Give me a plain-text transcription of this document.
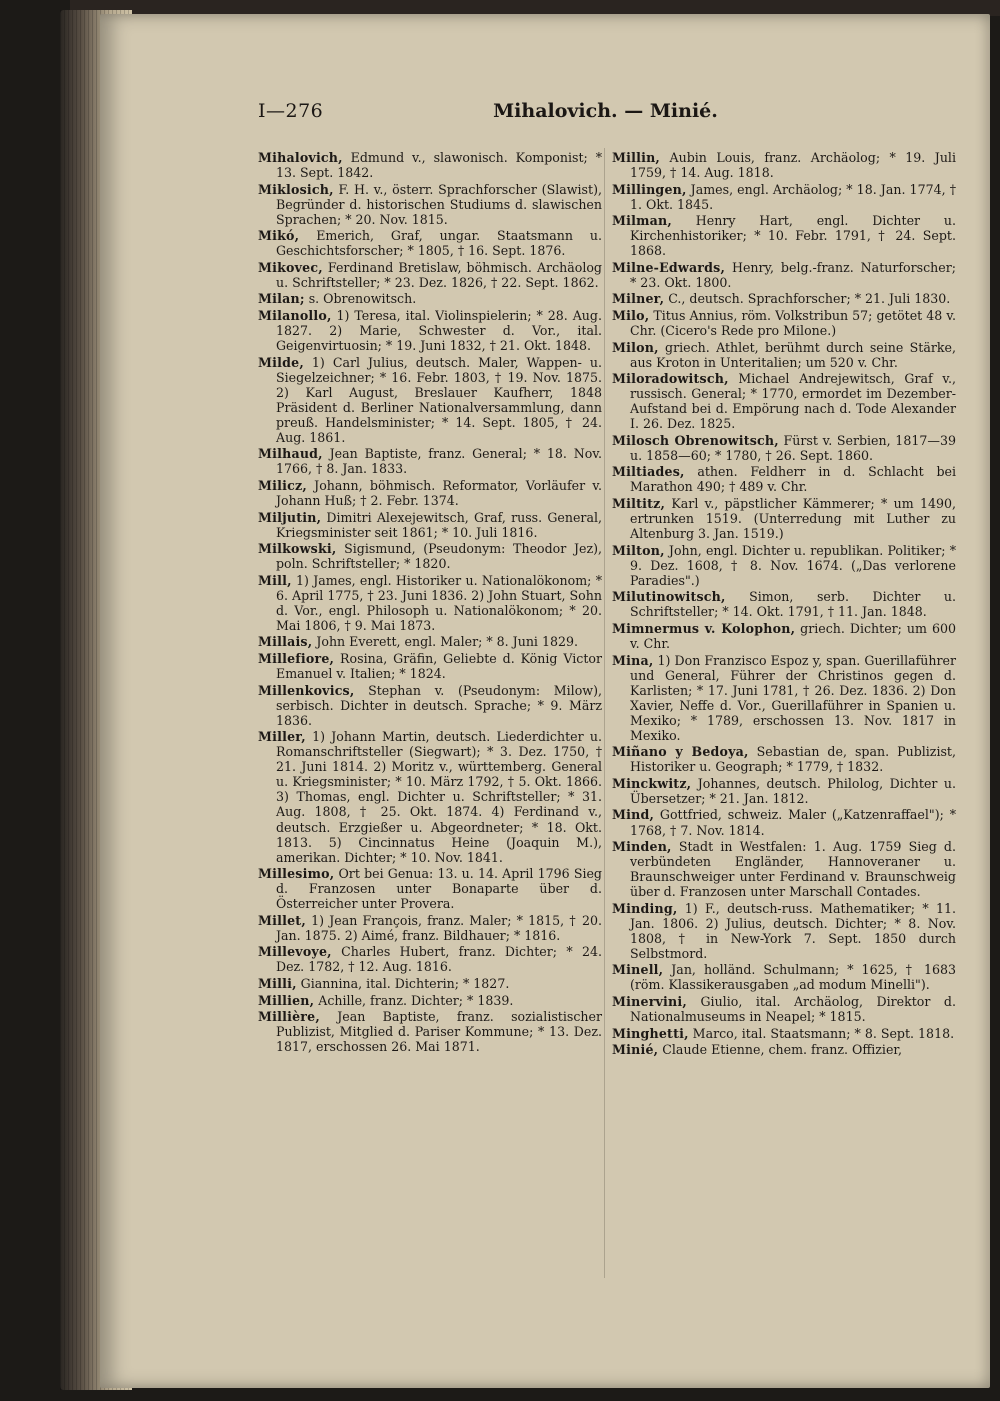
I—276	Mihalovich. — Minié.
Mihalovich, Edmund v., slawonisch. Komponist; * 13. Sept. 1842.
Miklosich, F. H. v., österr. Sprachforscher (Slawist), Begründer d. historischen Studiums d. slawischen Sprachen; * 20. Nov. 1815.
Mikó, Emerich, Graf, ungar. Staatsmann u. Geschichtsforscher; * 1805, † 16. Sept. 1876.
Mikovec, Ferdinand Bretislaw, böhmisch. Archäolog u. Schriftsteller; * 23. Dez. 1826, † 22. Sept. 1862.
Milan; s. Obrenowitsch.
Milanollo, 1) Teresa, ital. Violinspielerin; * 28. Aug. 1827. 2) Marie, Schwester d. Vor., ital. Geigenvirtuosin; * 19. Juni 1832, † 21. Okt. 1848.
Milde, 1) Carl Julius, deutsch. Maler, Wappen- u. Siegelzeichner; * 16. Febr. 1803, † 19. Nov. 1875. 2) Karl August, Breslauer Kaufherr, 1848 Präsident d. Berliner Nationalversammlung, dann preuß. Handelsminister; * 14. Sept. 1805, † 24. Aug. 1861.
Milhaud, Jean Baptiste, franz. General; * 18. Nov. 1766, † 8. Jan. 1833.
Milicz, Johann, böhmisch. Reformator, Vorläufer v. Johann Huß; † 2. Febr. 1374.
Miljutin, Dimitri Alexejewitsch, Graf, russ. General, Kriegsminister seit 1861; * 10. Juli 1816.
Milkowski, Sigismund, (Pseudonym: Theodor Jez), poln. Schriftsteller; * 1820.
Mill, 1) James, engl. Historiker u. Nationalökonom; * 6. April 1775, † 23. Juni 1836. 2) John Stuart, Sohn d. Vor., engl. Philosoph u. Nationalökonom; * 20. Mai 1806, † 9. Mai 1873.
Millais, John Everett, engl. Maler; * 8. Juni 1829.
Millefiore, Rosina, Gräfin, Geliebte d. König Victor Emanuel v. Italien; * 1824.
Millenkovics, Stephan v. (Pseudonym: Milow), serbisch. Dichter in deutsch. Sprache; * 9. März 1836.
Miller, 1) Johann Martin, deutsch. Liederdichter u. Romanschriftsteller (Siegwart); * 3. Dez. 1750, † 21. Juni 1814. 2) Moritz v., württemberg. General u. Kriegsminister; * 10. März 1792, † 5. Okt. 1866. 3) Thomas, engl. Dichter u. Schriftsteller; * 31. Aug. 1808, † 25. Okt. 1874. 4) Ferdinand v., deutsch. Erzgießer u. Abgeordneter; * 18. Okt. 1813. 5) Cincinnatus Heine (Joaquin M.), amerikan. Dichter; * 10. Nov. 1841.
Millesimo, Ort bei Genua: 13. u. 14. April 1796 Sieg d. Franzosen unter Bonaparte über d. Österreicher unter Provera.
Millet, 1) Jean François, franz. Maler; * 1815, † 20. Jan. 1875. 2) Aimé, franz. Bildhauer; * 1816.
Millevoye, Charles Hubert, franz. Dichter; * 24. Dez. 1782, † 12. Aug. 1816.
Milli, Giannina, ital. Dichterin; * 1827.
Millien, Achille, franz. Dichter; * 1839.
Millière, Jean Baptiste, franz. sozialistischer Publizist, Mitglied d. Pariser Kommune; * 13. Dez. 1817, erschossen 26. Mai 1871.
Millin, Aubin Louis, franz. Archäolog; * 19. Juli 1759, † 14. Aug. 1818.
Millingen, James, engl. Archäolog; * 18. Jan. 1774, † 1. Okt. 1845.
Milman, Henry Hart, engl. Dichter u. Kirchenhistoriker; * 10. Febr. 1791, † 24. Sept. 1868.
Milne-Edwards, Henry, belg.-franz. Naturforscher; * 23. Okt. 1800.
Milner, C., deutsch. Sprachforscher; * 21. Juli 1830.
Milo, Titus Annius, röm. Volkstribun 57; getötet 48 v. Chr. (Cicero's Rede pro Milone.)
Milon, griech. Athlet, berühmt durch seine Stärke, aus Kroton in Unteritalien; um 520 v. Chr.
Miloradowitsch, Michael Andrejewitsch, Graf v., russisch. General; * 1770, ermordet im Dezember-Aufstand bei d. Empörung nach d. Tode Alexander I. 26. Dez. 1825.
Milosch Obrenowitsch, Fürst v. Serbien, 1817—39 u. 1858—60; * 1780, † 26. Sept. 1860.
Miltiades, athen. Feldherr in d. Schlacht bei Marathon 490; † 489 v. Chr.
Miltitz, Karl v., päpstlicher Kämmerer; * um 1490, ertrunken 1519. (Unterredung mit Luther zu Altenburg 3. Jan. 1519.)
Milton, John, engl. Dichter u. republikan. Politiker; * 9. Dez. 1608, † 8. Nov. 1674. („Das verlorene Paradies".)
Milutinowitsch, Simon, serb. Dichter u. Schriftsteller; * 14. Okt. 1791, † 11. Jan. 1848.
Mimnermus v. Kolophon, griech. Dichter; um 600 v. Chr.
Mina, 1) Don Franzisco Espoz y, span. Guerillaführer und General, Führer der Christinos gegen d. Karlisten; * 17. Juni 1781, † 26. Dez. 1836. 2) Don Xavier, Neffe d. Vor., Guerillaführer in Spanien u. Mexiko; * 1789, erschossen 13. Nov. 1817 in Mexiko.
Miñano y Bedoya, Sebastian de, span. Publizist, Historiker u. Geograph; * 1779, † 1832.
Minckwitz, Johannes, deutsch. Philolog, Dichter u. Übersetzer; * 21. Jan. 1812.
Mind, Gottfried, schweiz. Maler („Katzenraffael"); * 1768, † 7. Nov. 1814.
Minden, Stadt in Westfalen: 1. Aug. 1759 Sieg d. verbündeten Engländer, Hannoveraner u. Braunschweiger unter Ferdinand v. Braunschweig über d. Franzosen unter Marschall Contades.
Minding, 1) F., deutsch-russ. Mathematiker; * 11. Jan. 1806. 2) Julius, deutsch. Dichter; * 8. Nov. 1808, † in New-York 7. Sept. 1850 durch Selbstmord.
Minell, Jan, holländ. Schulmann; * 1625, † 1683 (röm. Klassikerausgaben „ad modum Minelli").
Minervini, Giulio, ital. Archäolog, Direktor d. Nationalmuseums in Neapel; * 1815.
Minghetti, Marco, ital. Staatsmann; * 8. Sept. 1818.
Minié, Claude Etienne, chem. franz. Offizier,
